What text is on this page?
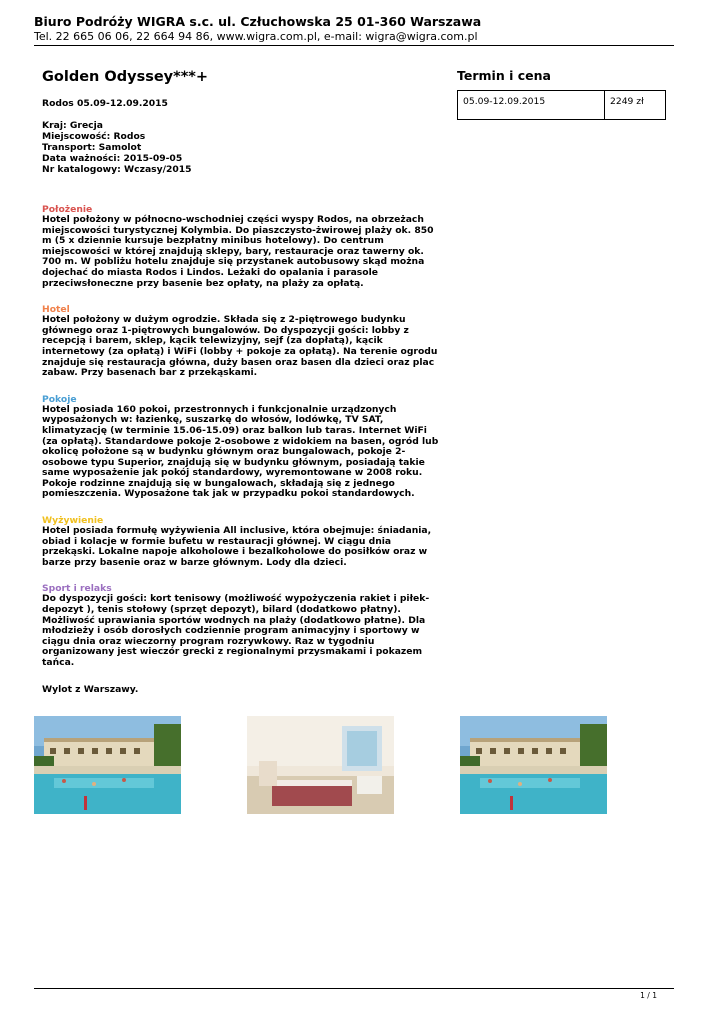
Biuro Podróży WIGRA s.c. ul. Człuchowska 25 01-360 Warszawa
Tel. 22 665 06 06, 22 664 94 86, www.wigra.com.pl, e-mail: wigra@wigra.com.pl
Golden Odyssey***+
Rodos 05.09-12.09.2015
Kraj: Grecja
Miejscowość: Rodos
Transport: Samolot
Data ważności: 2015-09-05
Nr katalogowy: Wczasy/2015
Położenie

Hotel położony w północno-wschodniej części wyspy Rodos, na obrzeżach miejscowości turystycznej Kolymbia. Do piaszczysto-żwirowej plaży ok. 850 m (5 x dziennie kursuje bezpłatny minibus hotelowy). Do centrum miejscowości w której znajdują sklepy, bary, restauracje oraz tawerny ok. 700 m. W pobliżu hotelu znajduje się przystanek autobusowy skąd można dojechać do miasta Rodos i Lindos. Leżaki do opalania i parasole przeciwsłoneczne przy basenie bez opłaty, na plaży za opłatą.

Hotel

Hotel położony w dużym ogrodzie. Składa się z 2-piętrowego budynku głównego oraz 1-piętrowych bungalowów. Do dyspozycji gości: lobby z recepcją i barem, sklep, kącik telewizyjny, sejf (za dopłatą), kącik internetowy (za opłatą) i WiFi (lobby + pokoje za opłatą). Na terenie ogrodu znajduje się restauracja główna, duży basen oraz basen dla dzieci oraz plac zabaw. Przy basenach bar z przekąskami.

Pokoje

Hotel posiada 160 pokoi, przestronnych i funkcjonalnie urządzonych wyposażonych w: łazienkę, suszarkę do włosów, lodówkę, TV SAT, klimatyzację (w terminie 15.06-15.09) oraz balkon lub taras. Internet WiFi (za opłatą). Standardowe pokoje 2-osobowe z widokiem na basen, ogród lub okolicę położone są w budynku głównym oraz bungalowach, pokoje 2-osobowe typu Superior, znajdują się w budynku głównym, posiadają takie same wyposażenie jak pokój standardowy, wyremontowane w 2008 roku. Pokoje rodzinne znajdują się w bungalowach, składają się z jednego pomieszczenia. Wyposażone tak jak w przypadku pokoi standardowych.

Wyżywienie

Hotel posiada formułę wyżywienia All inclusive, która obejmuje: śniadania, obiad i kolacje w formie bufetu w restauracji głównej. W ciągu dnia przekąski. Lokalne napoje alkoholowe i bezalkoholowe do posiłków oraz w barze przy basenie oraz w barze głównym. Lody dla dzieci.

Sport i relaks

Do dyspozycji gości: kort tenisowy (możliwość wypożyczenia rakiet i piłek-depozyt ), tenis stołowy (sprzęt depozyt), bilard (dodatkowo płatny). Możliwość uprawiania sportów wodnych na plaży (dodatkowo płatne). Dla młodzieży i osób dorosłych codziennie program animacyjny i sportowy w ciągu dnia oraz wieczorny program rozrywkowy. Raz w tygodniu organizowany jest wieczór grecki z regionalnymi przysmakami i pokazem tańca.

Wylot z Warszawy.
Termin i cena
05.09-12.09.2015	2249 zł
1 / 1
